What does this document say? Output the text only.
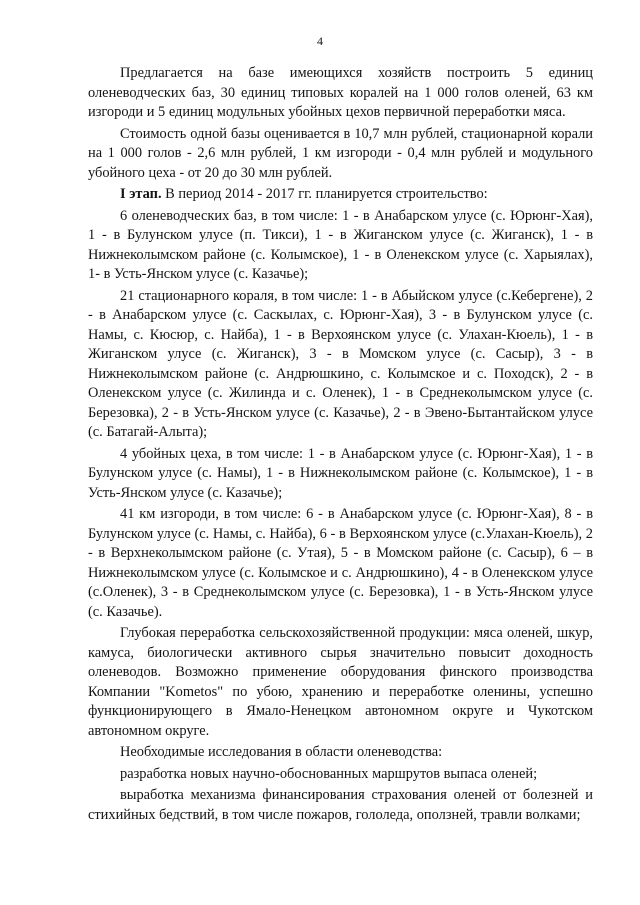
4

Предлагается на базе имеющихся хозяйств построить 5 единиц оленеводческих баз, 30 единиц типовых коралей на 1 000 голов оленей, 63 км изгороди и 5 единиц модульных убойных цехов первичной переработки мяса.

Стоимость одной базы оценивается в 10,7 млн рублей, стационарной корали на 1 000 голов - 2,6 млн рублей, 1 км изгороди - 0,4 млн рублей и модульного убойного цеха - от 20 до 30 млн рублей.

I этап. В период 2014 - 2017 гг. планируется строительство:

6 оленеводческих баз, в том числе: 1 - в Анабарском улусе (с. Юрюнг-Хая), 1 - в Булунском улусе (п. Тикси), 1 - в Жиганском улусе (с. Жиганск), 1 - в Нижнеколымском районе (с. Колымское), 1 - в Оленекском улусе (с. Харыялах), 1- в Усть-Янском улусе (с. Казачье);

21 стационарного кораля, в том числе: 1 - в Абыйском улусе (с.Кебергене), 2 - в Анабарском улусе (с. Саскылах, с. Юрюнг-Хая), 3 - в Булунском улусе (с. Намы, с. Кюсюр, с. Найба), 1 - в Верхоянском улусе (с. Улахан-Кюель), 1 - в Жиганском улусе (с. Жиганск), 3 - в Момском улусе (с. Сасыр), 3 - в Нижнеколымском районе (с. Андрюшкино, с. Колымское и с. Походск), 2 - в Оленекском улусе (с. Жилинда и с. Оленек), 1 - в Среднеколымском улусе (с. Березовка), 2 - в Усть-Янском улусе (с. Казачье), 2 - в Эвено-Бытантайском улусе (с. Батагай-Алыта);

4 убойных цеха, в том числе: 1 - в Анабарском улусе (с. Юрюнг-Хая), 1 - в Булунском улусе (с. Намы), 1 - в Нижнеколымском районе (с. Колымское), 1 - в Усть-Янском улусе (с. Казачье);

41 км изгороди, в том числе: 6 - в Анабарском улусе (с. Юрюнг-Хая), 8 - в Булунском улусе (с. Намы, с. Найба), 6 - в Верхоянском улусе (с.Улахан-Кюель), 2 - в Верхнеколымском районе (с. Утая), 5 - в Момском районе (с. Сасыр), 6 – в Нижнеколымском улусе (с. Колымское и с. Андрюшкино), 4 - в Оленекском улусе (с.Оленек), 3 - в Среднеколымском улусе (с. Березовка), 1 - в Усть-Янском улусе (с. Казачье).

Глубокая переработка сельскохозяйственной продукции: мяса оленей, шкур, камуса, биологически активного сырья значительно повысит доходность оленеводов. Возможно применение оборудования финского производства Компании "Kometos" по убою, хранению и переработке оленины, успешно функционирующего в Ямало-Ненецком автономном округе и Чукотском автономном округе.

Необходимые исследования в области оленеводства:

разработка новых научно-обоснованных маршрутов выпаса оленей;

выработка механизма финансирования страхования оленей от болезней и стихийных бедствий, в том числе пожаров, гололеда, оползней, травли волками;
